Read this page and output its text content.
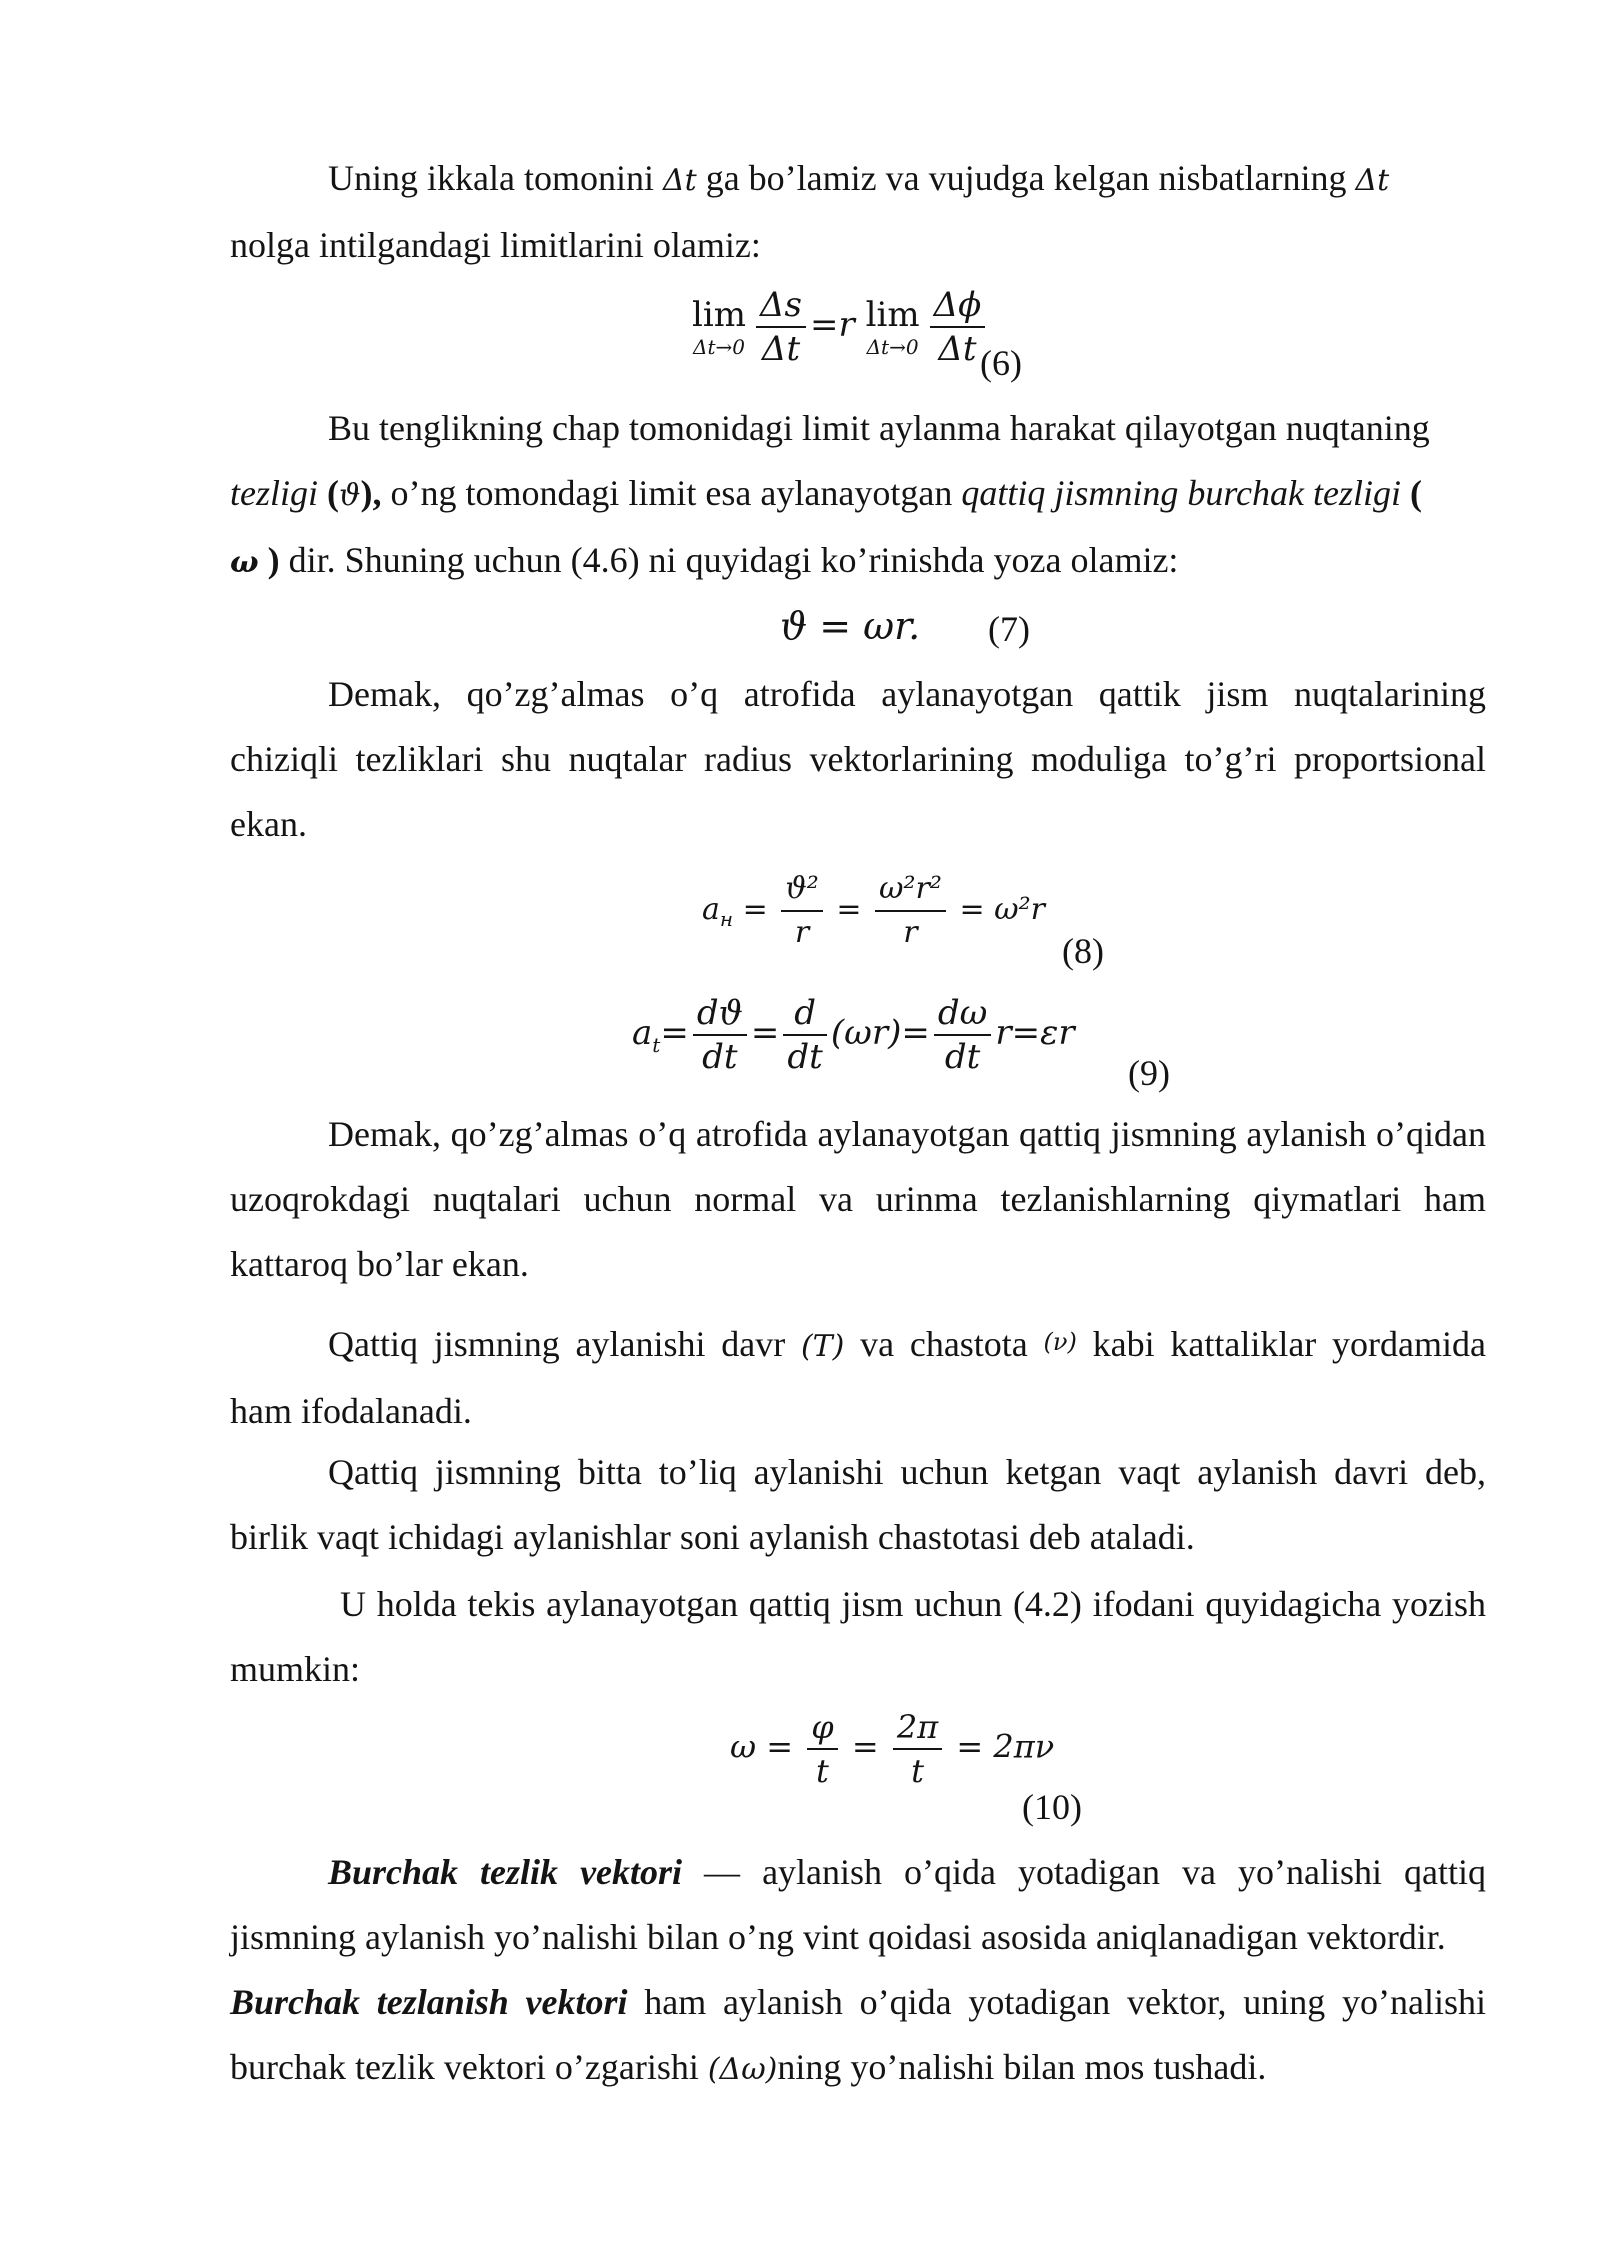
Uning ikkala tomonini Δt ga bo’lamiz va vujudga kelgan nisbatlarning Δt
nolga intilgandagi limitlarini olamiz:

lim
$\Delta t\to 0 \frac{\Delta s}{\Delta t} =r$ lim
$\Delta t\to 0 \frac{\Delta\phi}{\Delta t}$
(6)

Bu tenglikning chap tomonidagi limit aylanma harakat qilayotgan nuqtaning
tezligi (ϑ), o’ng tomondagi limit esa aylanayotgan qattiq jismning burchak tezligi (
ω ) dir. Shuning uchun (4.6) ni quyidagi ko’rinishda yoza olamiz:

ϑ = ωr. (7)

Demak, qo’zg’almas o’q atrofida aylanayotgan qattik jism nuqtalarining chiziqli tezliklari shu nuqtalar radius vektorlarining moduliga to’g’ri proportsional ekan.

$a_н = \frac{\text{ϑ²}}{r} = \frac{\text{ω²r²}}{r} = \omega^2r$
(8)
$a_t= \frac{dϑ}{dt} = \frac{d}{dt} (\omega r)= \frac{d\omega}{dt} r=\varepsilon r$
(9)

Demak, qo’zg’almas o’q atrofida aylanayotgan qattiq jismning aylanish o’qidan uzoqrokdagi nuqtalari uchun normal va urinma tezlanishlarning qiymatlari ham kattaroq bo’lar ekan.

Qattiq jismning aylanishi davr (T) va chastota (ν) kabi kattaliklar yordamida ham ifodalanadi.

Qattiq jismning bitta to’liq aylanishi uchun ketgan vaqt aylanish davri deb, birlik vaqt ichidagi aylanishlar soni aylanish chastotasi deb ataladi.

U holda tekis aylanayotgan qattiq jism uchun (4.2) ifodani quyidagicha yozish mumkin:

$\omega = \frac{\varphi}{t} = \frac{2\pi}{t} = 2\pi\nu$
(10)

Burchak tezlik vektori — aylanish o’qida yotadigan va yo’nalishi qattiq jismning aylanish yo’nalishi bilan o’ng vint qoidasi asosida aniqlanadigan vektordir.
Burchak tezlanish vektori ham aylanish o’qida yotadigan vektor, uning yo’nalishi burchak tezlik vektori o’zgarishi (Δω)ning yo’nalishi bilan mos tushadi.
